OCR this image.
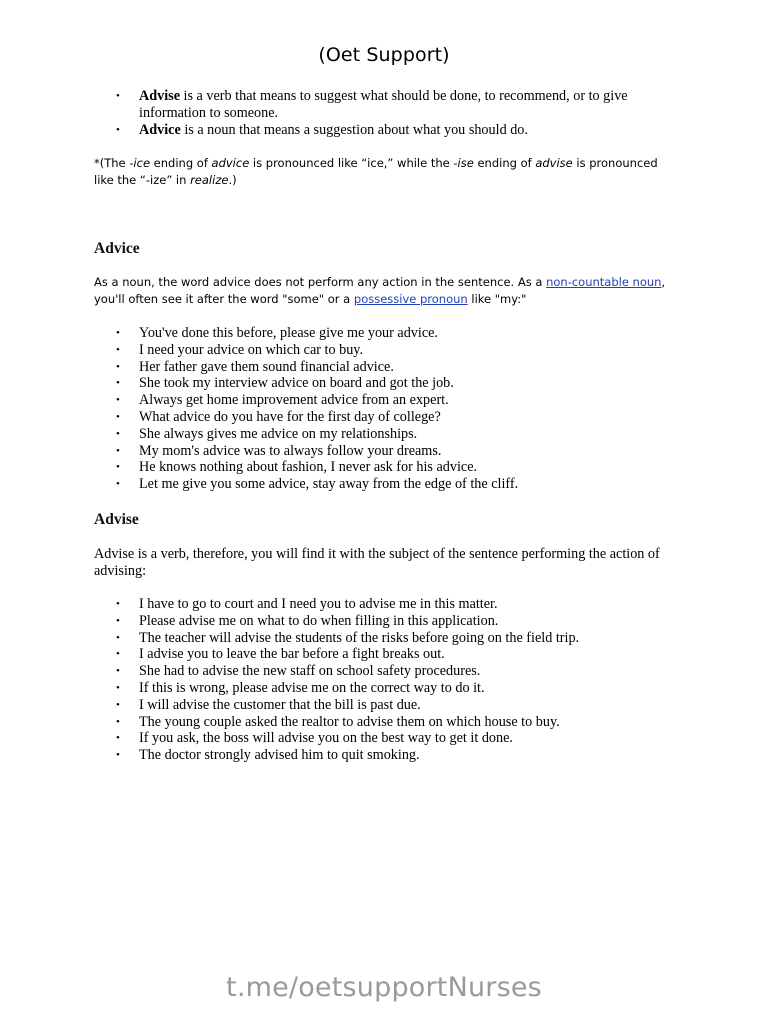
(Oet Support)
• Advise is a verb that means to suggest what should be done, to recommend, or to give information to someone.
• Advice is a noun that means a suggestion about what you should do.
*(The -ice ending of advice is pronounced like “ice,” while the -ise ending of advise is pronounced like the “-ize” in realize.)
Advice
As a noun, the word advice does not perform any action in the sentence. As a non-countable noun, you'll often see it after the word "some" or a possessive pronoun like "my:"
• You've done this before, please give me your advice.
• I need your advice on which car to buy.
• Her father gave them sound financial advice.
• She took my interview advice on board and got the job.
• Always get home improvement advice from an expert.
• What advice do you have for the first day of college?
• She always gives me advice on my relationships.
• My mom's advice was to always follow your dreams.
• He knows nothing about fashion, I never ask for his advice.
• Let me give you some advice, stay away from the edge of the cliff.
Advise
Advise is a verb, therefore, you will find it with the subject of the sentence performing the action of advising:
• I have to go to court and I need you to advise me in this matter.
• Please advise me on what to do when filling in this application.
• The teacher will advise the students of the risks before going on the field trip.
• I advise you to leave the bar before a fight breaks out.
• She had to advise the new staff on school safety procedures.
• If this is wrong, please advise me on the correct way to do it.
• I will advise the customer that the bill is past due.
• The young couple asked the realtor to advise them on which house to buy.
• If you ask, the boss will advise you on the best way to get it done.
• The doctor strongly advised him to quit smoking.
t.me/oetsupportNurses
